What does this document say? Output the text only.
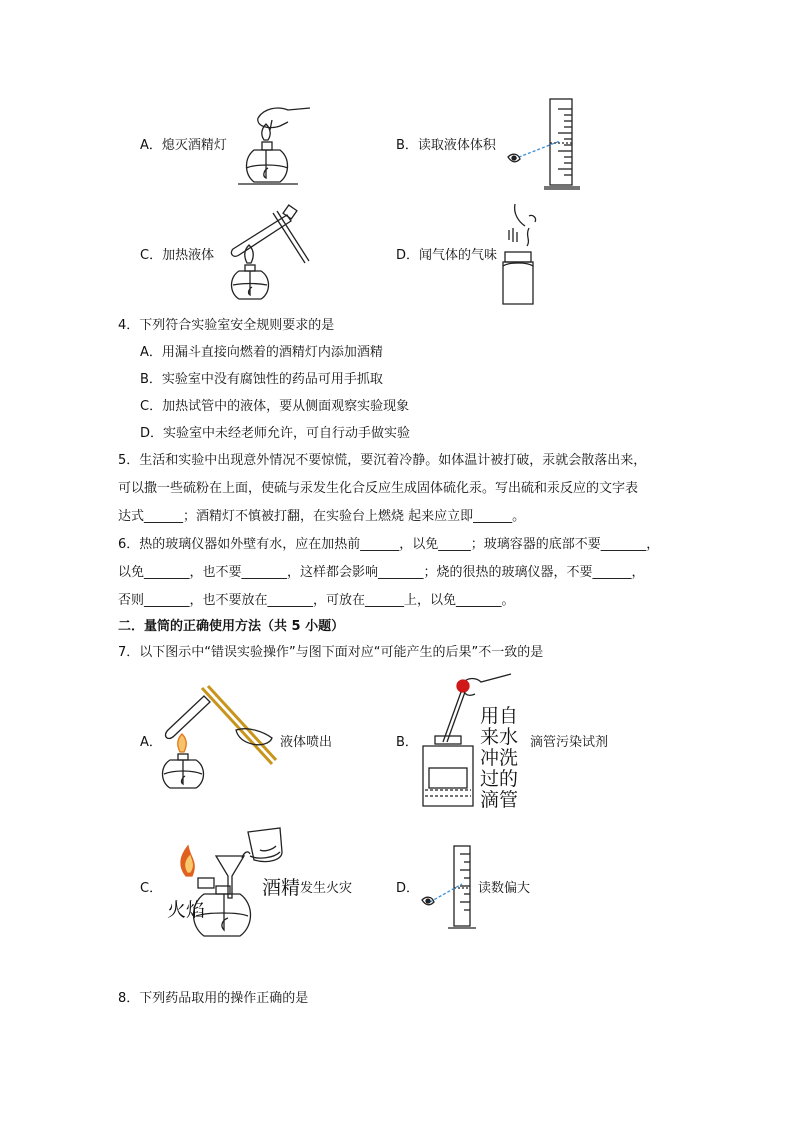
A．熄灭酒精灯	B．读取液体体积
C．加热液体	D．闻气体的气味
4．下列符合实验室安全规则要求的是
A．用漏斗直接向燃着的酒精灯内添加酒精
B．实验室中没有腐蚀性的药品可用手抓取
C．加热试管中的液体，要从侧面观察实验现象
D．实验室中未经老师允许，可自行动手做实验
5．生活和实验中出现意外情况不要惊慌，要沉着冷静。如体温计被打破，汞就会散落出来，
可以撒一些硫粉在上面，使硫与汞发生化合反应生成固体硫化汞。写出硫和汞反应的文字表
达式______；酒精灯不慎被打翻，在实验台上燃烧 起来应立即______。
6．热的玻璃仪器如外壁有水，应在加热前______，以免_____；玻璃容器的底部不要_______，
以免_______，也不要_______，这样都会影响_______；烧的很热的玻璃仪器，不要______，
否则_______，也不要放在_______，可放在______上，以免_______。
二．量筒的正确使用方法（共 5 小题）
7．以下图示中“错误实验操作”与图下面对应“可能产生的后果”不一致的是
A．	液体喷出	B．
用自
来水
冲洗
过的
滴管
滴管污染试剂
C．
火焰
酒精 发生火灾	D．	读数偏大
8．下列药品取用的操作正确的是
